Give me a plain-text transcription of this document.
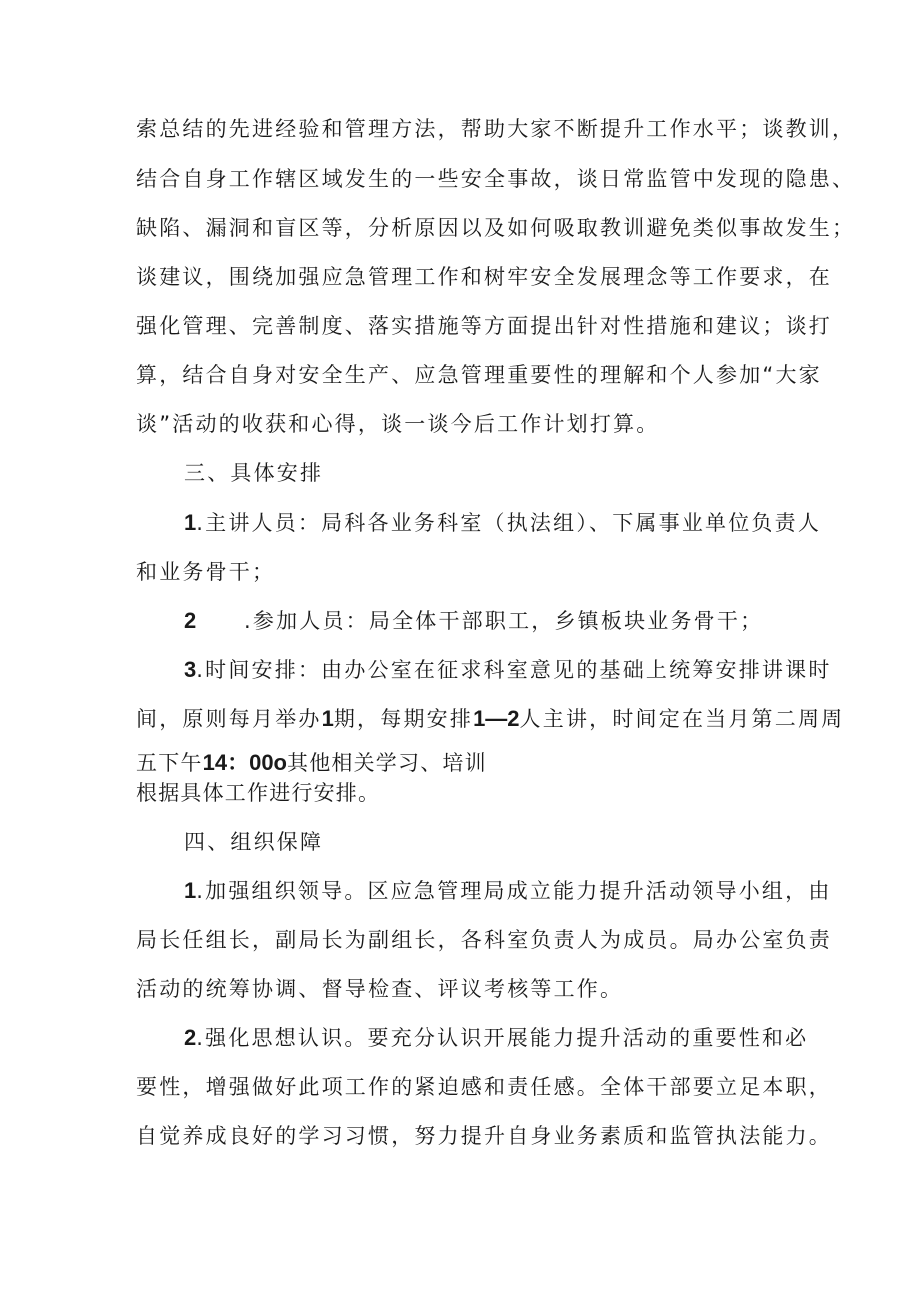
索总结的先进经验和管理方法，帮助大家不断提升工作水平；谈教训，

结合自身工作辖区域发生的一些安全事故，谈日常监管中发现的隐患、

缺陷、漏洞和盲区等，分析原因以及如何吸取教训避免类似事故发生；

谈建议，围绕加强应急管理工作和树牢安全发展理念等工作要求，在

强化管理、完善制度、落实措施等方面提出针对性措施和建议；谈打

算，结合自身对安全生产、应急管理重要性的理解和个人参加“大家

谈”活动的收获和心得，谈一谈今后工作计划打算。

三、具体安排

1.主讲人员：局科各业务科室（执法组）、下属事业单位负责人

和业务骨干；

2 .参加人员：局全体干部职工，乡镇板块业务骨干；

3.时间安排：由办公室在征求科室意见的基础上统筹安排讲课时

间，原则每月举办1期，每期安排1—2人主讲，时间定在当月第二周周

五下午14：00o其他相关学习、培训

根据具体工作进行安排。

四、组织保障

1.加强组织领导。区应急管理局成立能力提升活动领导小组，由

局长任组长，副局长为副组长，各科室负责人为成员。局办公室负责

活动的统筹协调、督导检查、评议考核等工作。

2.强化思想认识。要充分认识开展能力提升活动的重要性和必

要性，增强做好此项工作的紧迫感和责任感。全体干部要立足本职，

自觉养成良好的学习习惯，努力提升自身业务素质和监管执法能力。
